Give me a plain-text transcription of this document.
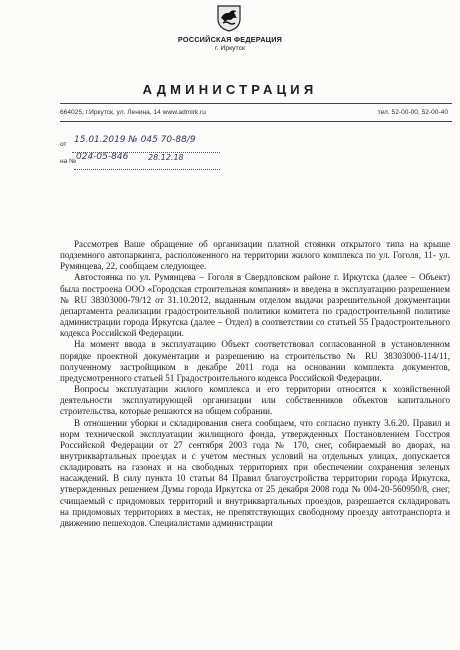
РОССИЙСКАЯ ФЕДЕРАЦИЯ
г. Иркутск
АДМИНИСТРАЦИЯ
664025, г.Иркутск, ул. Ленина, 14 www.admirk.ru	тел. 52-00-00, 52-00-40
от 15.01.2019 № 045 70-88/9
на № 024-05-846 28.12.18

Рассмотрев Ваше обращение об организации платной стоянки открытого типа на крыше подземного автопаркинга, расположенного на территории жилого комплекса по ул. Гоголя, 11- ул. Румянцева, 22, сообщаем следующее.

Автостоянка по ул. Румянцева – Гоголя в Свердловском районе г. Иркутска (далее – Объект) была построена ООО «Городская строительная компания» и введена в эксплуатацию разрешением № RU 38303000-79/12 от 31.10.2012, выданным отделом выдачи разрешительной документации департамента реализации градостроительной политики комитета по градостроительной политике администрации города Иркутска (далее – Отдел) в соответствии со статьей 55 Градостроительного кодекса Российской Федерации.

На момент ввода в эксплуатацию Объект соответствовал согласованной в установленном порядке проектной документации и разрешению на строительство № RU 38303000-114/11, полученному застройщиком в декабре 2011 года на основании комплекта документов, предусмотренного статьей 51 Градостроительного кодекса Российской Федерации.

Вопросы эксплуатации жилого комплекса и его территории относятся к хозяйственной деятельности эксплуатирующей организации или собственников объектов капитального строительства, которые решаются на общем собрании.

В отношении уборки и складирования снега сообщаем, что согласно пункту 3.6.20. Правил и норм технической эксплуатации жилищного фонда, утвержденных Постановлением Госстроя Российской Федерации от 27 сентября 2003 года № 170, снег, собираемый во дворах, на внутриквартальных проездах и с учетом местных условий на отдельных улицах, допускается складировать на газонах и на свободных территориях при обеспечении сохранения зеленых насаждений. В силу пункта 10 статьи 84 Правил благоустройства территории города Иркутска, утвержденных решением Думы города Иркутска от 25 декабря 2008 года № 004-20-560950/8, снег, счищаемый с придомовых территорий и внутриквартальных проездов, разрешается складировать на придомовых территориях в местах, не препятствующих свободному проезду автотранспорта и движению пешеходов. Специалистами администрации
